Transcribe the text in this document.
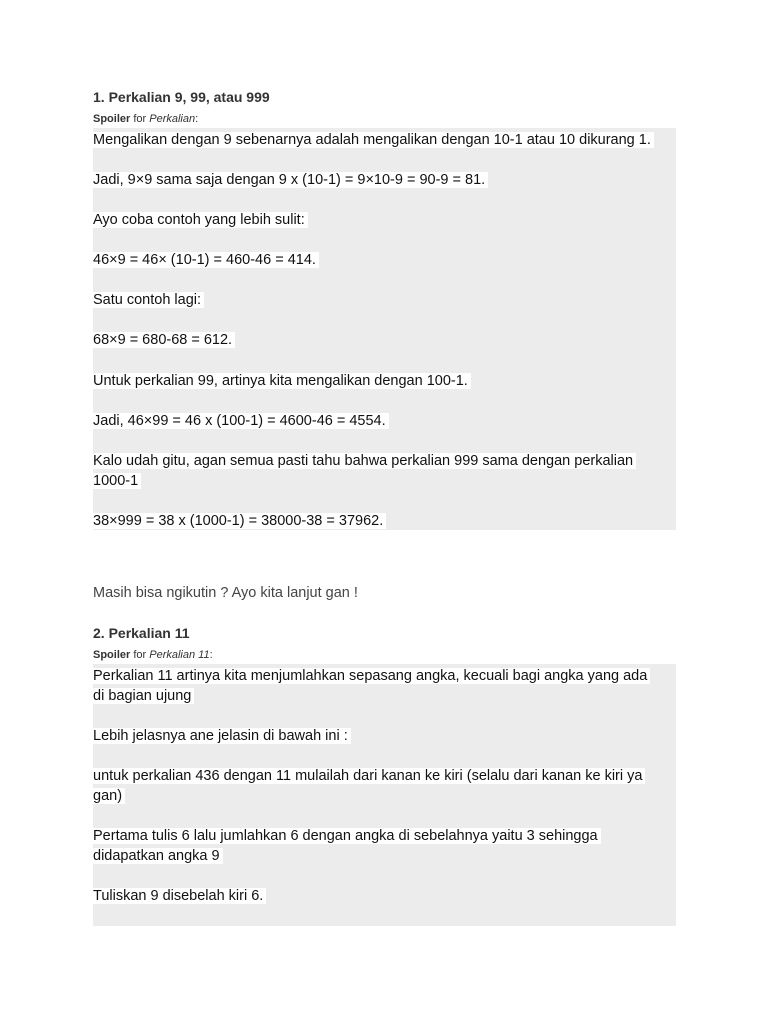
1. Perkalian 9, 99, atau 999
Spoiler for Perkalian:
Mengalikan dengan 9 sebenarnya adalah mengalikan dengan 10-1 atau 10 dikurang 1.
Jadi, 9×9 sama saja dengan 9 x (10-1) = 9×10-9 = 90-9 = 81.
Ayo coba contoh yang lebih sulit:
46×9 = 46× (10-1) = 460-46 = 414.
Satu contoh lagi:
68×9 = 680-68 = 612.
Untuk perkalian 99, artinya kita mengalikan dengan 100-1.
Jadi, 46×99 = 46 x (100-1) = 4600-46 = 4554.
Kalo udah gitu, agan semua pasti tahu bahwa perkalian 999 sama dengan perkalian
1000-1
38×999 = 38 x (1000-1) = 38000-38 = 37962.
Masih bisa ngikutin ? Ayo kita lanjut gan !
2. Perkalian 11
Spoiler for Perkalian 11:
Perkalian 11 artinya kita menjumlahkan sepasang angka, kecuali bagi angka yang ada
di bagian ujung
Lebih jelasnya ane jelasin di bawah ini :
untuk perkalian 436 dengan 11 mulailah dari kanan ke kiri (selalu dari kanan ke kiri ya
gan)
Pertama tulis 6 lalu jumlahkan 6 dengan angka di sebelahnya yaitu 3 sehingga
didapatkan angka 9
Tuliskan 9 disebelah kiri 6.
